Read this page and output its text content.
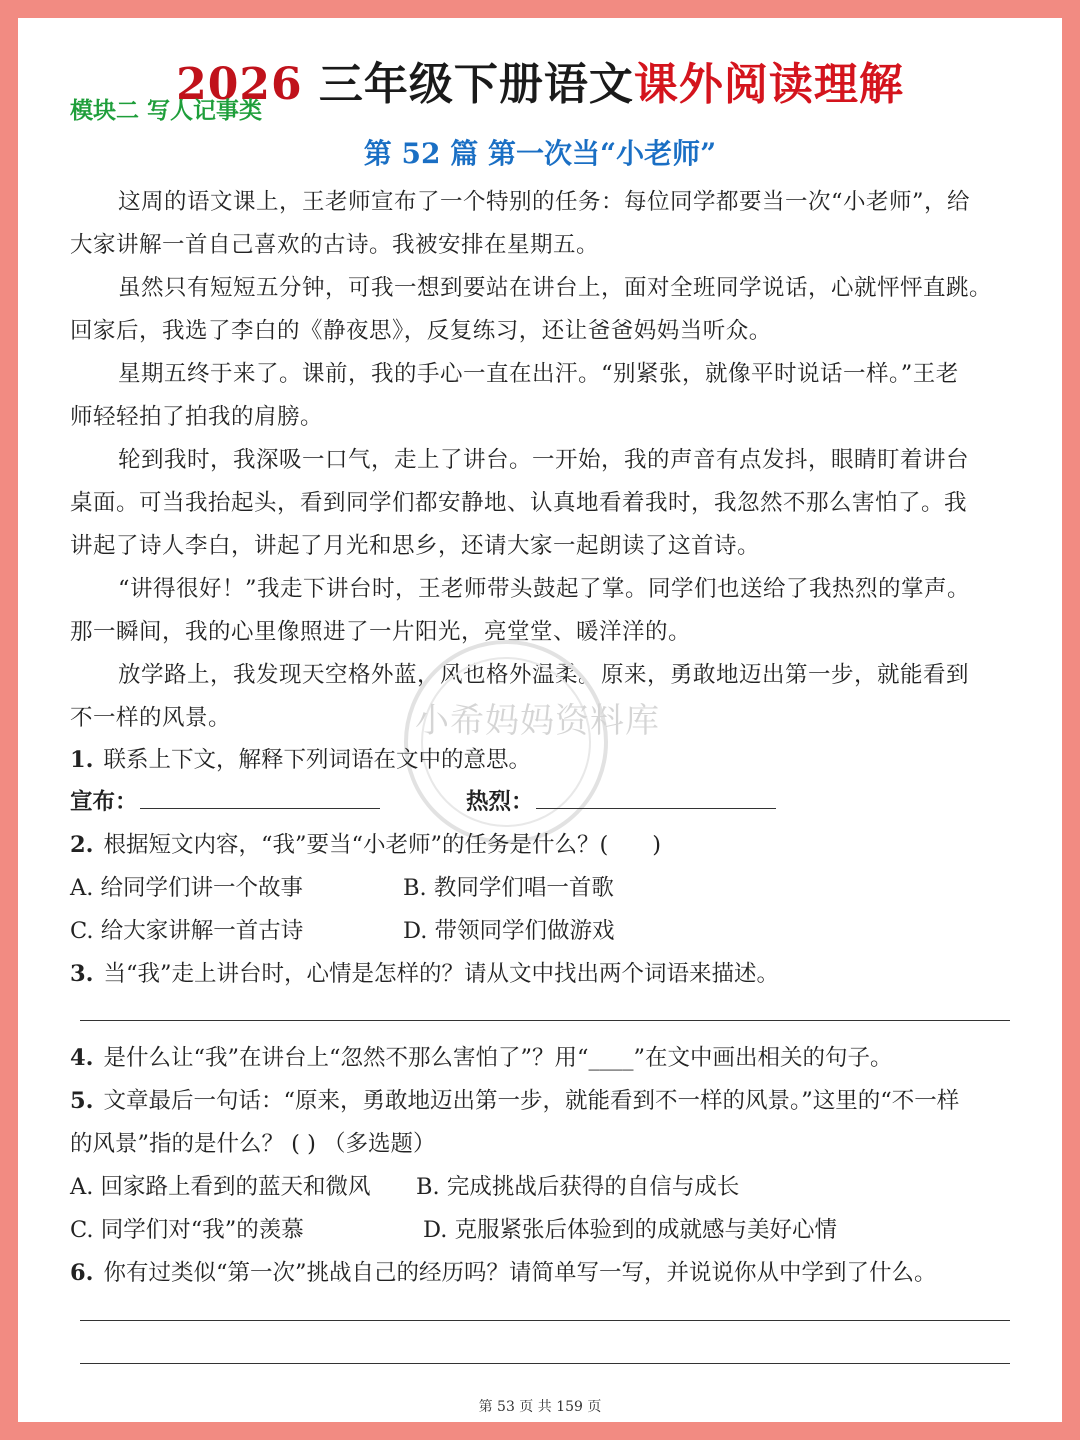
2026 三年级下册语文课外阅读理解
模块二 写人记事类
第 52 篇 第一次当“小老师”
这周的语文课上，王老师宣布了一个特别的任务：每位同学都要当一次“小老师”，给
大家讲解一首自己喜欢的古诗。我被安排在星期五。
虽然只有短短五分钟，可我一想到要站在讲台上，面对全班同学说话，心就怦怦直跳。
回家后，我选了李白的《静夜思》，反复练习，还让爸爸妈妈当听众。
星期五终于来了。课前，我的手心一直在出汗。“别紧张，就像平时说话一样。”王老
师轻轻拍了拍我的肩膀。
轮到我时，我深吸一口气，走上了讲台。一开始，我的声音有点发抖，眼睛盯着讲台
桌面。可当我抬起头，看到同学们都安静地、认真地看着我时，我忽然不那么害怕了。我
讲起了诗人李白，讲起了月光和思乡，还请大家一起朗读了这首诗。
“讲得很好！”我走下讲台时，王老师带头鼓起了掌。同学们也送给了我热烈的掌声。
那一瞬间，我的心里像照进了一片阳光，亮堂堂、暖洋洋的。
放学路上，我发现天空格外蓝，风也格外温柔。原来，勇敢地迈出第一步，就能看到
不一样的风景。	小希妈妈资料库
1. 联系上下文，解释下列词语在文中的意思。
宣布：	热烈：
2. 根据短文内容，“我”要当“小老师”的任务是什么？( )
A. 给同学们讲一个故事	B. 教同学们唱一首歌
C. 给大家讲解一首古诗	D. 带领同学们做游戏
3. 当“我”走上讲台时，心情是怎样的？请从文中找出两个词语来描述。
4. 是什么让“我”在讲台上“忽然不那么害怕了”？用“____”在文中画出相关的句子。
5. 文章最后一句话：“原来，勇敢地迈出第一步，就能看到不一样的风景。”这里的“不一样
的风景”指的是什么？ ( ) （多选题）
A. 回家路上看到的蓝天和微风 B. 完成挑战后获得的自信与成长
C. 同学们对“我”的羡慕	D. 克服紧张后体验到的成就感与美好心情
6. 你有过类似“第一次”挑战自己的经历吗？请简单写一写，并说说你从中学到了什么。
第 53 页 共 159 页
